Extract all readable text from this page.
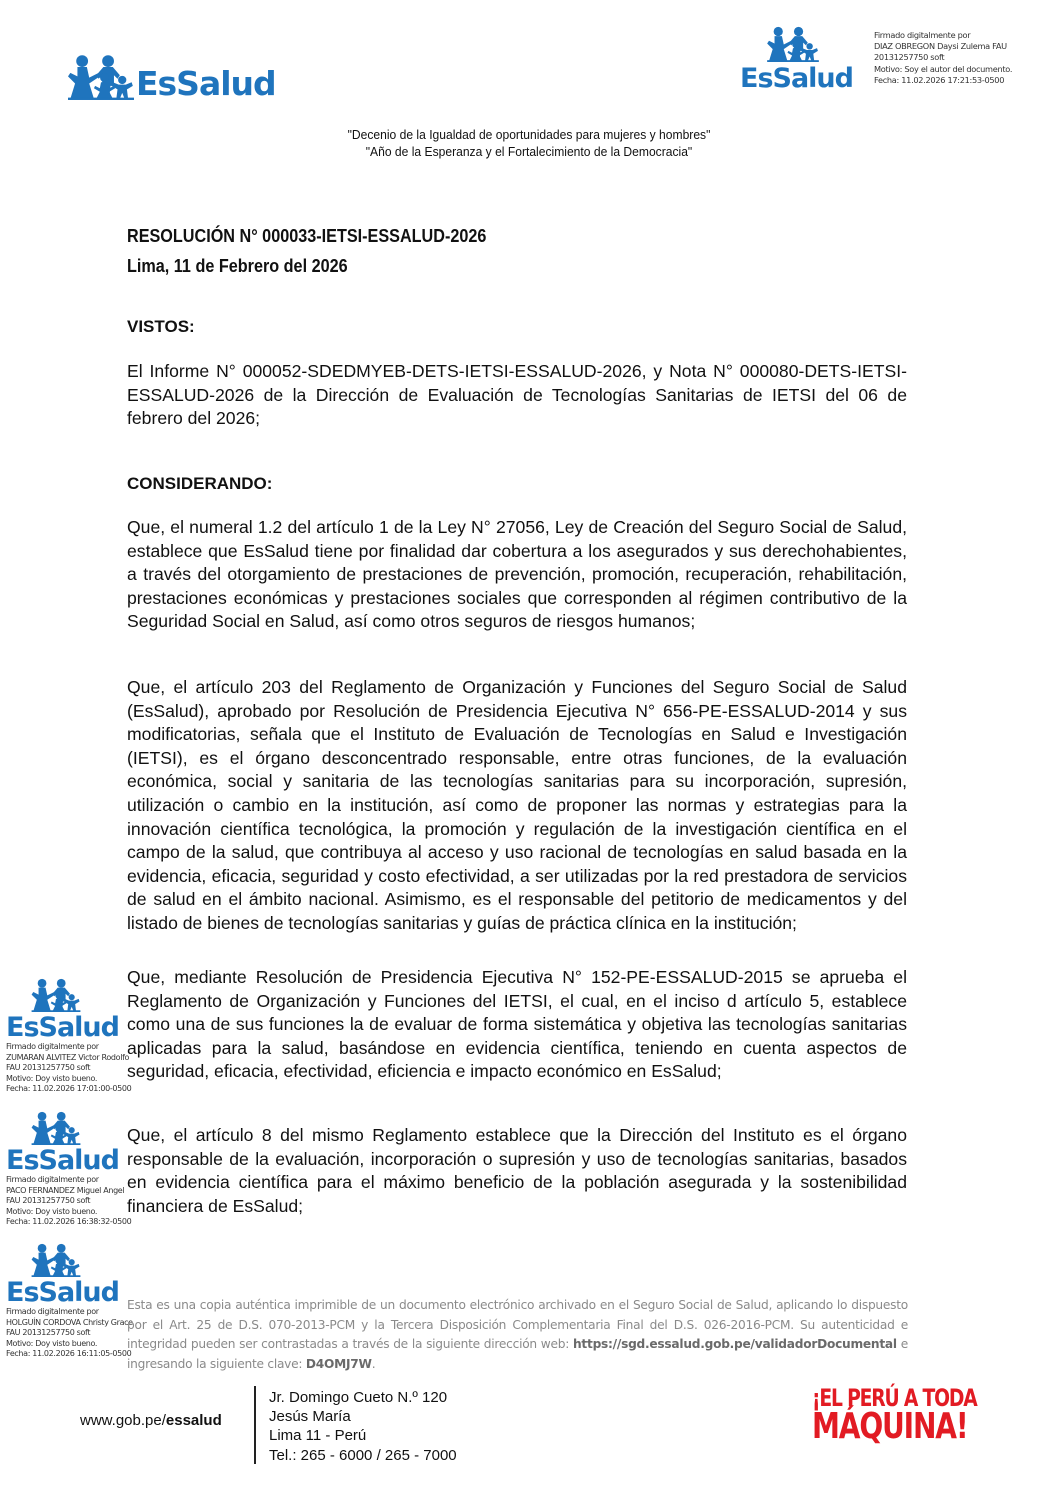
EsSalud	EsSalud
Firmado digitalmente por
DIAZ OBREGON Daysi Zulema FAU
20131257750 soft
Motivo: Soy el autor del documento.
Fecha: 11.02.2026 17:21:53-0500
"Decenio de la Igualdad de oportunidades para mujeres y hombres"
"Año de la Esperanza y el Fortalecimiento de la Democracia"
RESOLUCIÓN N° 000033-IETSI-ESSALUD-2026
Lima, 11 de Febrero del 2026
VISTOS:
El Informe N° 000052-SDEDMYEB-DETS-IETSI-ESSALUD-2026, y Nota N° 000080-DETS-IETSI-ESSALUD-2026 de la Dirección de Evaluación de Tecnologías Sanitarias de IETSI del 06 de febrero del 2026;
CONSIDERANDO:
Que, el numeral 1.2 del artículo 1 de la Ley N° 27056, Ley de Creación del Seguro Social de Salud, establece que EsSalud tiene por finalidad dar cobertura a los asegurados y sus derechohabientes, a través del otorgamiento de prestaciones de prevención, promoción, recuperación, rehabilitación, prestaciones económicas y prestaciones sociales que corresponden al régimen contributivo de la Seguridad Social en Salud, así como otros seguros de riesgos humanos;
Que, el artículo 203 del Reglamento de Organización y Funciones del Seguro Social de Salud (EsSalud), aprobado por Resolución de Presidencia Ejecutiva N° 656-PE-ESSALUD-2014 y sus modificatorias, señala que el Instituto de Evaluación de Tecnologías en Salud e Investigación (IETSI), es el órgano desconcentrado responsable, entre otras funciones, de la evaluación económica, social y sanitaria de las tecnologías sanitarias para su incorporación, supresión, utilización o cambio en la institución, así como de proponer las normas y estrategias para la innovación científica tecnológica, la promoción y regulación de la investigación científica en el campo de la salud, que contribuya al acceso y uso racional de tecnologías en salud basada en la evidencia, eficacia, seguridad y costo efectividad, a ser utilizadas por la red prestadora de servicios de salud en el ámbito nacional. Asimismo, es el responsable del petitorio de medicamentos y del listado de bienes de tecnologías sanitarias y guías de práctica clínica en la institución;
Que, mediante Resolución de Presidencia Ejecutiva N° 152-PE-ESSALUD-2015 se aprueba el Reglamento de Organización y Funciones del IETSI, el cual, en el inciso d artículo 5, establece como una de sus funciones la de evaluar de forma sistemática y objetiva las tecnologías sanitarias aplicadas para la salud, basándose en evidencia científica, teniendo en cuenta aspectos de seguridad, eficacia, efectividad, eficiencia e impacto económico en EsSalud;
Que, el artículo 8 del mismo Reglamento establece que la Dirección del Instituto es el órgano responsable de la evaluación, incorporación o supresión y uso de tecnologías sanitarias, basados en evidencia científica para el máximo beneficio de la población asegurada y la sostenibilidad financiera de EsSalud;
EsSalud
Firmado digitalmente por
ZUMARAN ALVITEZ Victor Rodolfo
FAU 20131257750 soft
Motivo: Doy visto bueno.
Fecha: 11.02.2026 17:01:00-0500
EsSalud
Firmado digitalmente por
PACO FERNANDEZ Miguel Angel
FAU 20131257750 soft
Motivo: Doy visto bueno.
Fecha: 11.02.2026 16:38:32-0500
EsSalud
Firmado digitalmente por
HOLGUÍN CORDOVA Christy Grace
FAU 20131257750 soft
Motivo: Doy visto bueno.
Fecha: 11.02.2026 16:11:05-0500
Esta es una copia auténtica imprimible de un documento electrónico archivado en el Seguro Social de Salud, aplicando lo dispuesto por el Art. 25 de D.S. 070-2013-PCM y la Tercera Disposición Complementaria Final del D.S. 026-2016-PCM. Su autenticidad e integridad pueden ser contrastadas a través de la siguiente dirección web: https://sgd.essalud.gob.pe/validadorDocumental e ingresando la siguiente clave: D4OMJ7W.
www.gob.pe/essalud
Jr. Domingo Cueto N.º 120
Jesús María
Lima 11 - Perú
Tel.: 265 - 6000 / 265 - 7000
¡EL PERÚ A TODA
MÁQUINA!
